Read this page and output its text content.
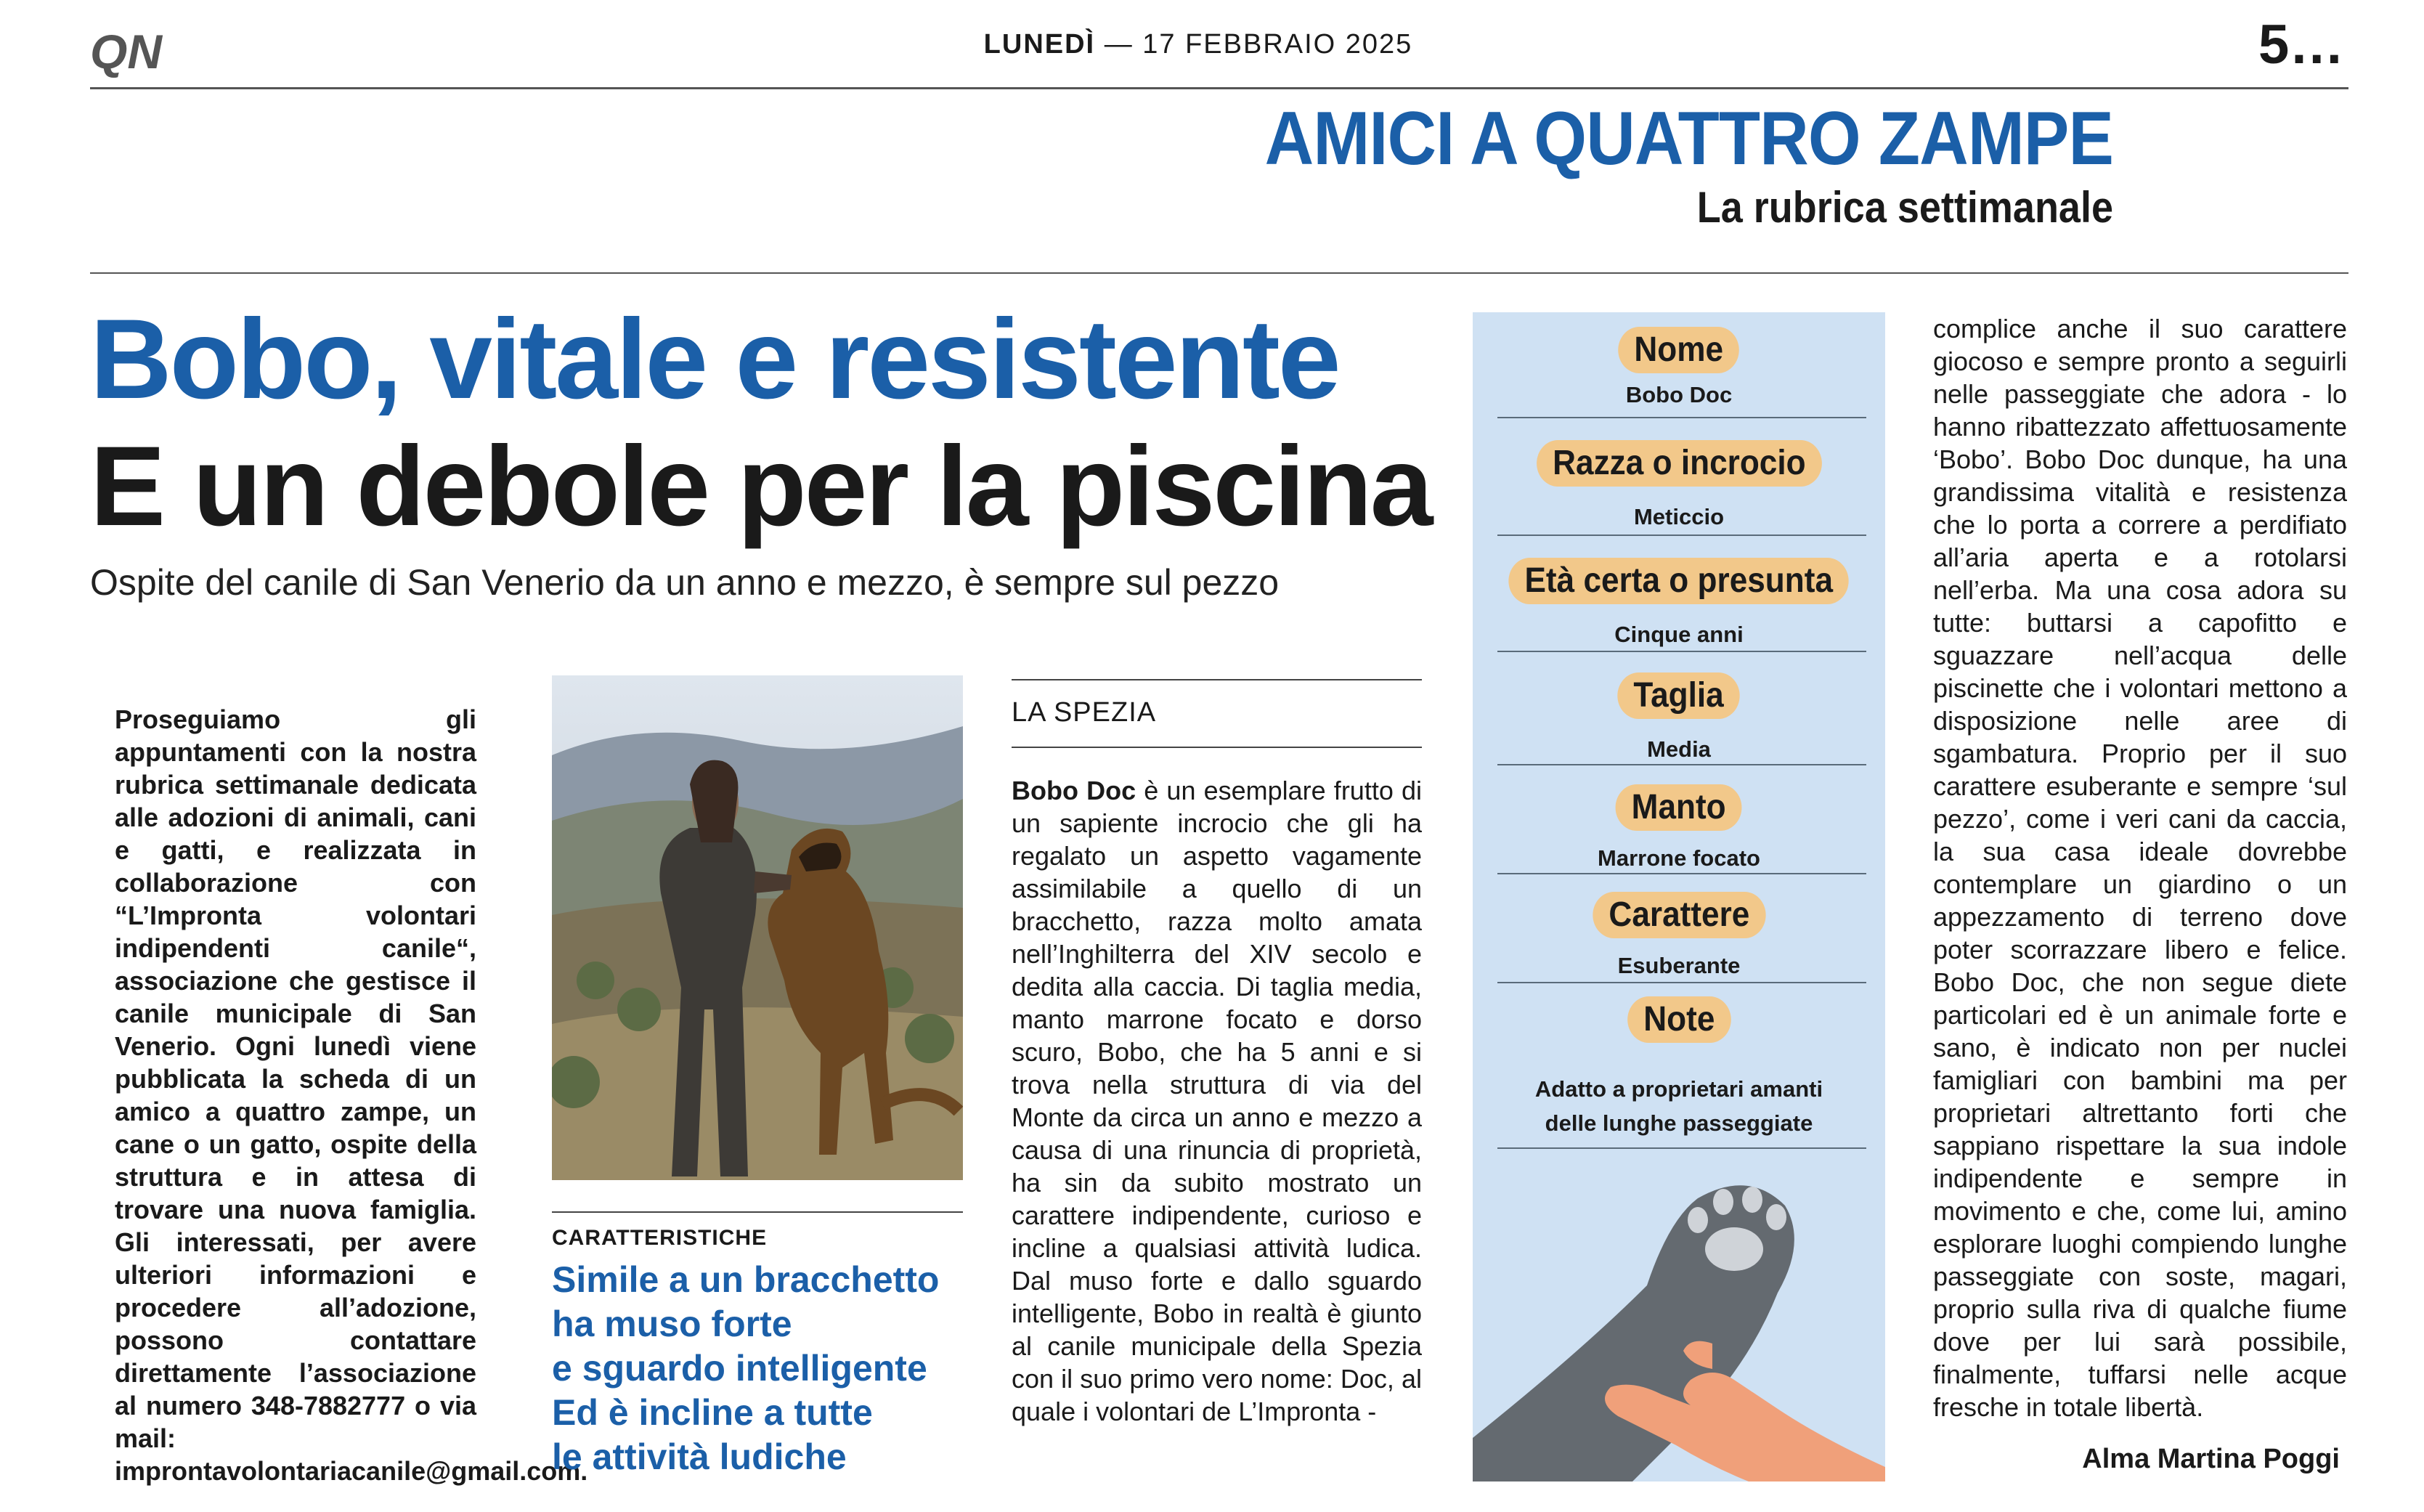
QN	LUNEDÌ — 17 FEBBRAIO 2025	5…
AMICI A QUATTRO ZAMPE
La rubrica settimanale
Bobo, vitale e resistente
E un debole per la piscina
Ospite del canile di San Venerio da un anno e mezzo, è sempre sul pezzo
Proseguiamo gli appuntamenti con la nostra rubrica settimanale dedicata alle adozioni di animali, cani e gatti, e realizzata in collaborazione con “L’Impronta volontari indipendenti canile“, associazione che gestisce il canile municipale di San Venerio. Ogni lunedì viene pubblicata la scheda di un amico a quattro zampe, un cane o un gatto, ospite della struttura e in attesa di trovare una nuova famiglia. Gli interessati, per avere ulteriori informazioni e procedere all’adozione, possono contattare direttamente l’associazione al numero 348-7882777 o via mail: improntavolontariacanile@gmail.com.
CARATTERISTICHE
Simile a un bracchetto
ha muso forte
e sguardo intelligente
Ed è incline a tutte
le attività ludiche
LA SPEZIA
Bobo Doc è un esemplare frutto di un sapiente incrocio che gli ha regalato un aspetto vagamente assimilabile a quello di un bracchetto, razza molto amata nell’Inghilterra del XIV secolo e dedita alla caccia. Di taglia media, manto marrone focato e dorso scuro, Bobo, che ha 5 anni e si trova nella struttura di via del Monte da circa un anno e mezzo a causa di una rinuncia di proprietà, ha sin da subito mostrato un carattere indipendente, curioso e incline a qualsiasi attività ludica. Dal muso forte e dallo sguardo intelligente, Bobo in realtà è giunto al canile municipale della Spezia con il suo primo vero nome: Doc, al quale i volontari de L’Impronta -
Nome
Bobo Doc
Razza o incrocio
Meticcio
Età certa o presunta
Cinque anni
Taglia
Media
Manto
Marrone focato
Carattere
Esuberante
Note
Adatto a proprietari amanti delle lunghe passeggiate
complice anche il suo carattere giocoso e sempre pronto a seguirli nelle passeggiate che adora - lo hanno ribattezzato affettuosamente ‘Bobo’. Bobo Doc dunque, ha una grandissima vitalità e resistenza che lo porta a correre a perdifiato all’aria aperta e a rotolarsi nell’erba. Ma una cosa adora su tutte: buttarsi a capofitto e sguazzare nell’acqua delle piscinette che i volontari mettono a disposizione nelle aree di sgambatura. Proprio per il suo carattere esuberante e sempre ‘sul pezzo’, come i veri cani da caccia, la sua casa ideale dovrebbe contemplare un giardino o un appezzamento di terreno dove poter scorrazzare libero e felice. Bobo Doc, che non segue diete particolari ed è un animale forte e sano, è indicato non per nuclei famigliari con bambini ma per proprietari altrettanto forti che sappiano rispettare la sua indole indipendente e sempre in movimento e che, come lui, amino esplorare luoghi compiendo lunghe passeggiate con soste, magari, proprio sulla riva di qualche fiume dove per lui sarà possibile, finalmente, tuffarsi nelle acque fresche in totale libertà.
Alma Martina Poggi
